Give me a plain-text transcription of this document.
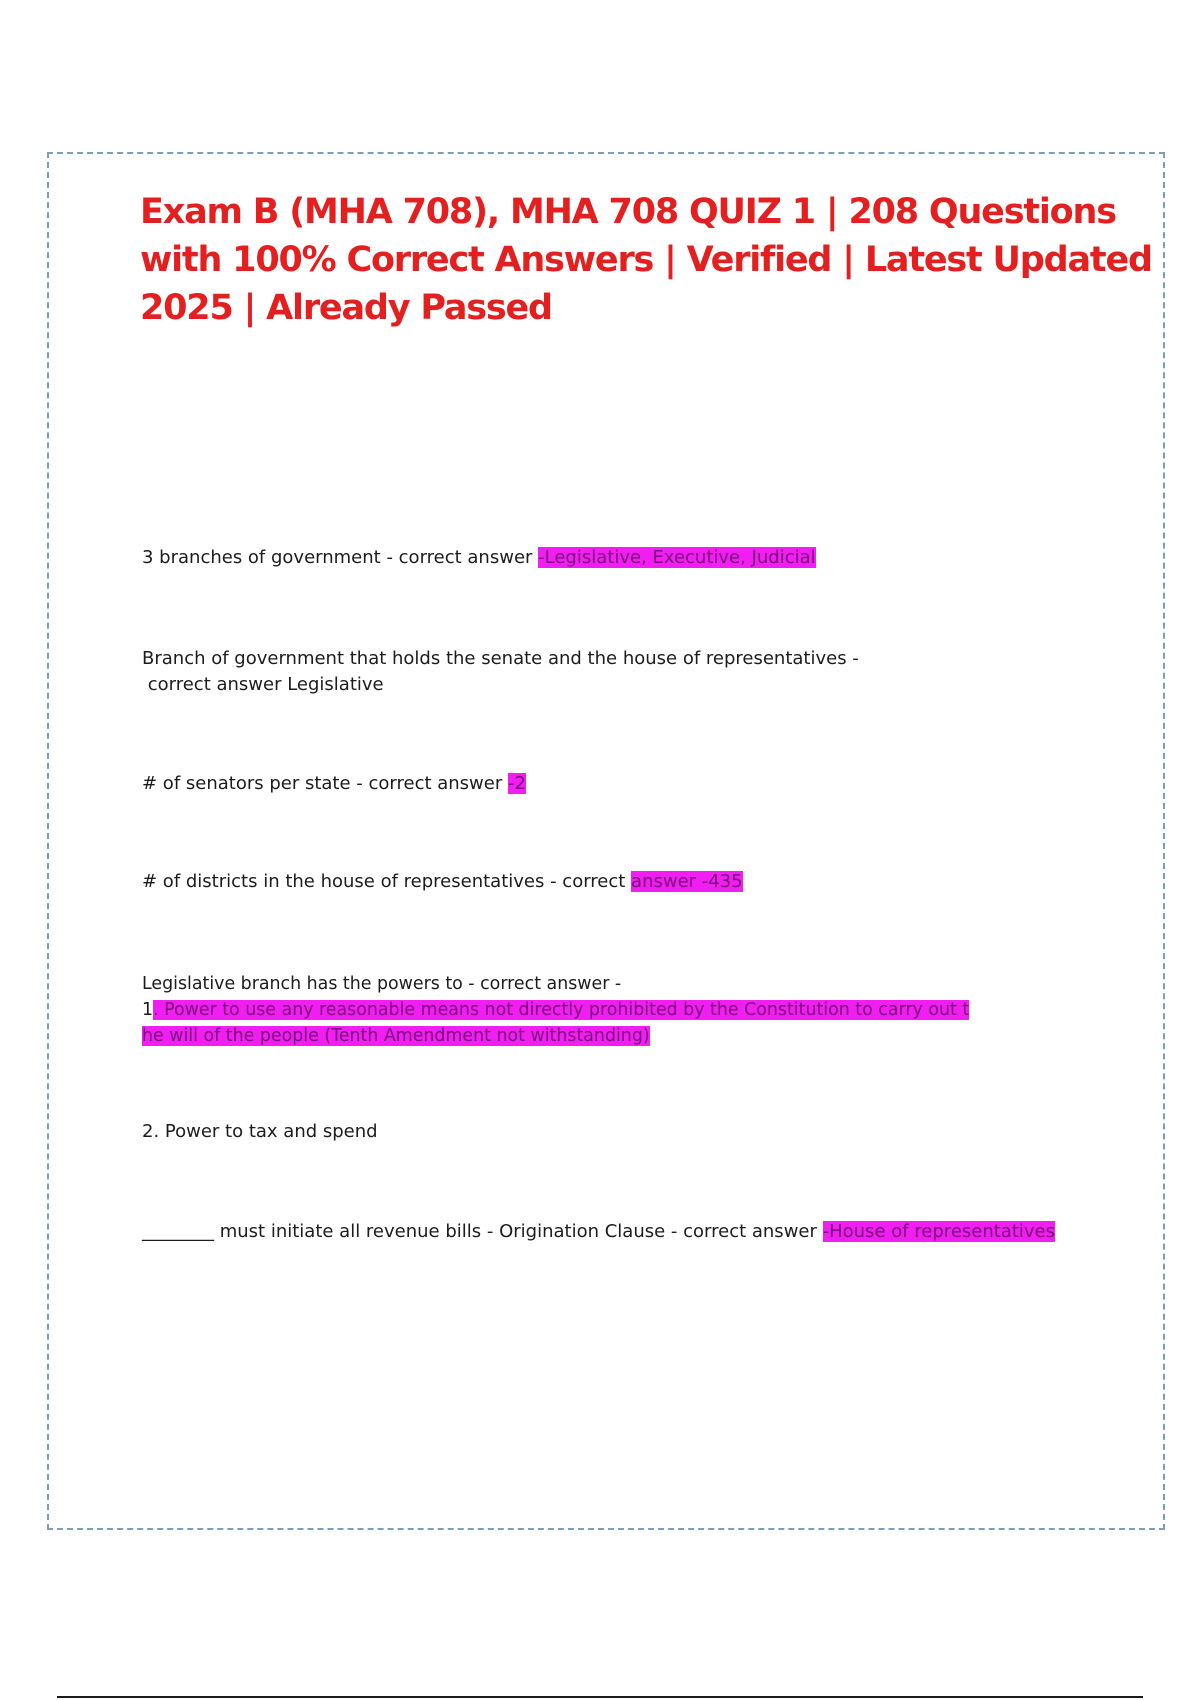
Exam B (MHA 708), MHA 708 QUIZ 1 | 208 Questions
with 100% Correct Answers | Verified | Latest Updated
2025 | Already Passed
3 branches of government - correct answer -Legislative, Executive, Judicial
Branch of government that holds the senate and the house of representatives -
correct answer Legislative
# of senators per state - correct answer -2
# of districts in the house of representatives - correct answer -435
Legislative branch has the powers to - correct answer -
1. Power to use any reasonable means not directly prohibited by the Constitution to carry out t
he will of the people (Tenth Amendment not withstanding)
2. Power to tax and spend
________ must initiate all revenue bills - Origination Clause - correct answer -House of representatives
